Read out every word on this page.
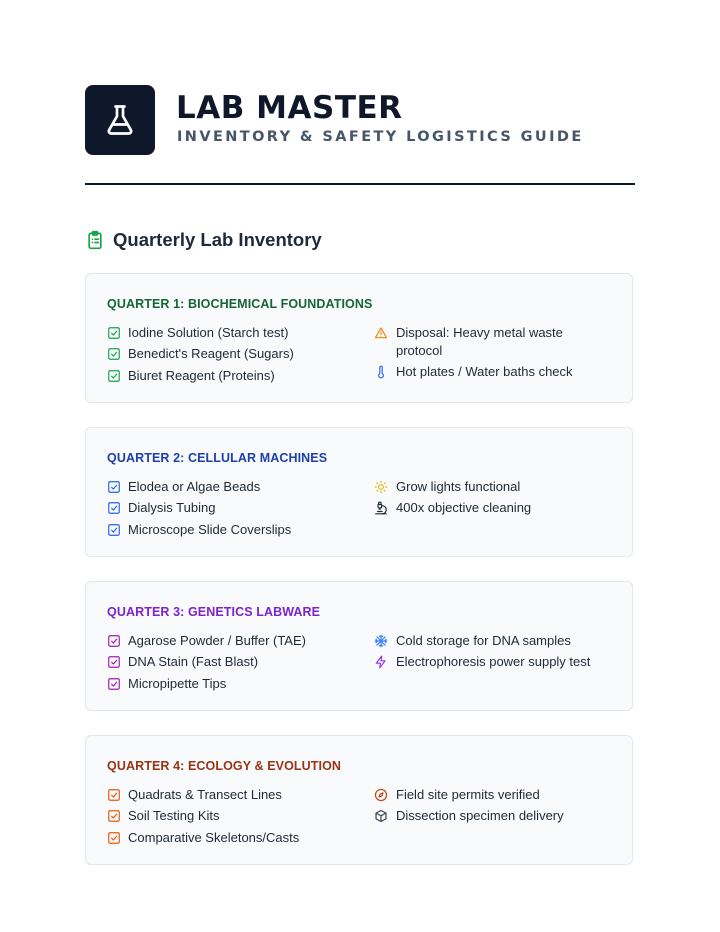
LAB MASTER
INVENTORY & SAFETY LOGISTICS GUIDE
Quarterly Lab Inventory
QUARTER 1: BIOCHEMICAL FOUNDATIONS
Iodine Solution (Starch test)
Benedict's Reagent (Sugars)
Biuret Reagent (Proteins)
Disposal: Heavy metal waste protocol
Hot plates / Water baths check
QUARTER 2: CELLULAR MACHINES
Elodea or Algae Beads
Dialysis Tubing
Microscope Slide Coverslips
Grow lights functional
400x objective cleaning
QUARTER 3: GENETICS LABWARE
Agarose Powder / Buffer (TAE)
DNA Stain (Fast Blast)
Micropipette Tips
Cold storage for DNA samples
Electrophoresis power supply test
QUARTER 4: ECOLOGY & EVOLUTION
Quadrats & Transect Lines
Soil Testing Kits
Comparative Skeletons/Casts
Field site permits verified
Dissection specimen delivery
